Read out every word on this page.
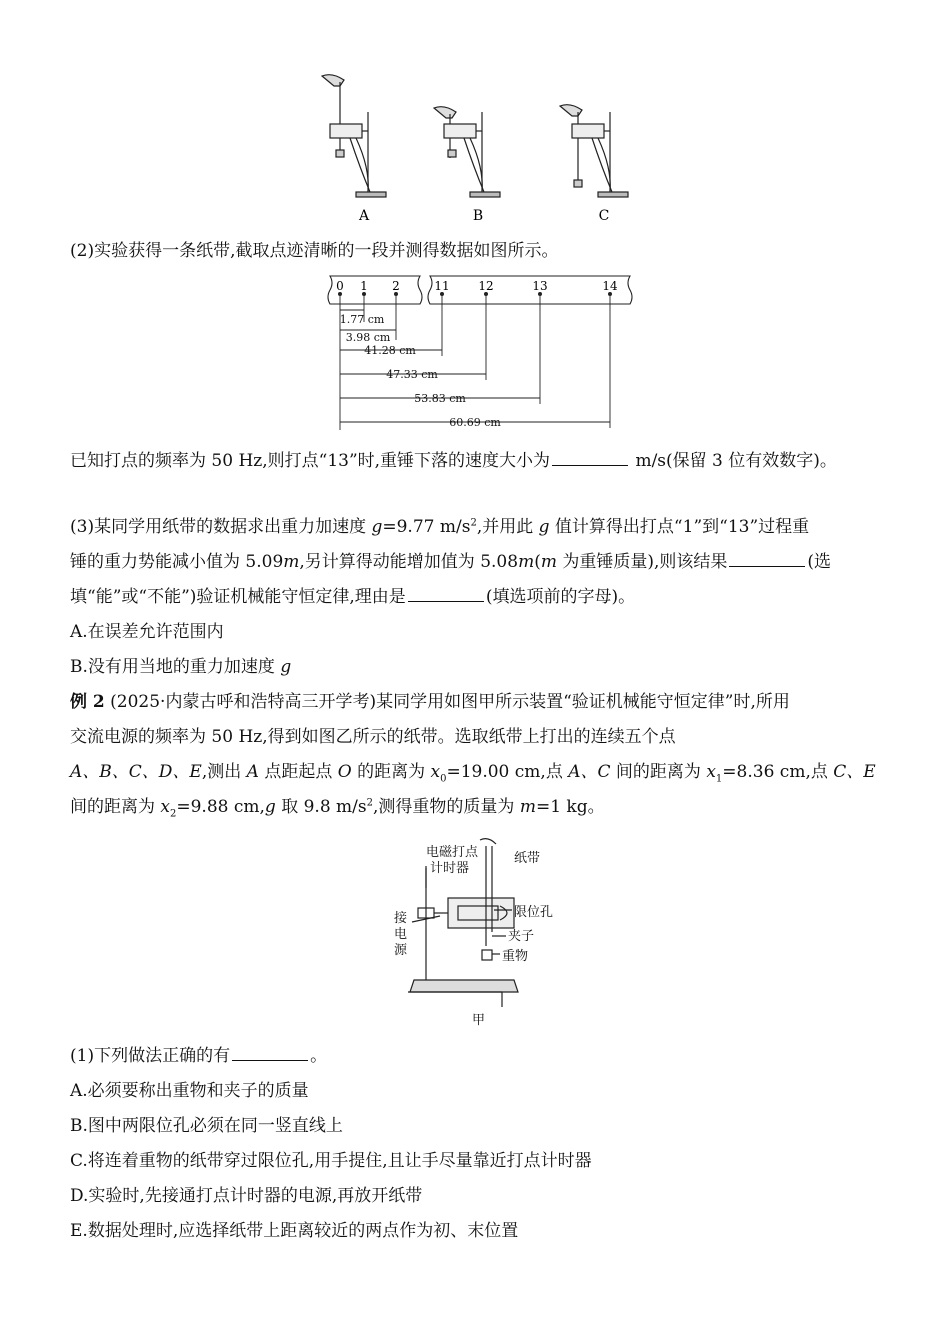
A	B	C
(2)实验获得一条纸带,截取点迹清晰的一段并测得数据如图所示。
0 1 2	11 12	13	14
1.77 cm
3.98 cm
41.28 cm
47.33 cm
53.83 cm
60.69 cm
已知打点的频率为 50 Hz,则打点“13”时,重锤下落的速度大小为	m/s(保留 3 位有效数字)。
(3)某同学用纸带的数据求出重力加速度 g=9.77 $m/s^2$,并用此 g 值计算得出打点“1”到“13”过程重
锤的重力势能减小值为 5.09m,另计算得动能增加值为 5.08m(m 为重锤质量),则该结果	(选
填“能”或“不能”)验证机械能守恒定律,理由是	(填选项前的字母)。
A.在误差允许范围内
B.没有用当地的重力加速度 g
例 2 (2025·内蒙古呼和浩特高三开学考)某同学用如图甲所示装置“验证机械能守恒定律”时,所用
交流电源的频率为 50 Hz,得到如图乙所示的纸带。选取纸带上打出的连续五个点
A、B、C、D、E,测出 A 点距起点 O 的距离为 $x_0=19.00$ cm,点 A、C 间的距离为 $x_1=8.36$ cm,点 C、E
间的距离为 $x_2=9.88$ cm,g 取 9.8 $m/s^2$,测得重物的质量为 m=1 kg。
电磁打点
计时器
纸带
限位孔
夹子
重物
接
电
源
甲
(1)下列做法正确的有	。
A.必须要称出重物和夹子的质量
B.图中两限位孔必须在同一竖直线上
C.将连着重物的纸带穿过限位孔,用手提住,且让手尽量靠近打点计时器
D.实验时,先接通打点计时器的电源,再放开纸带
E.数据处理时,应选择纸带上距离较近的两点作为初、末位置
